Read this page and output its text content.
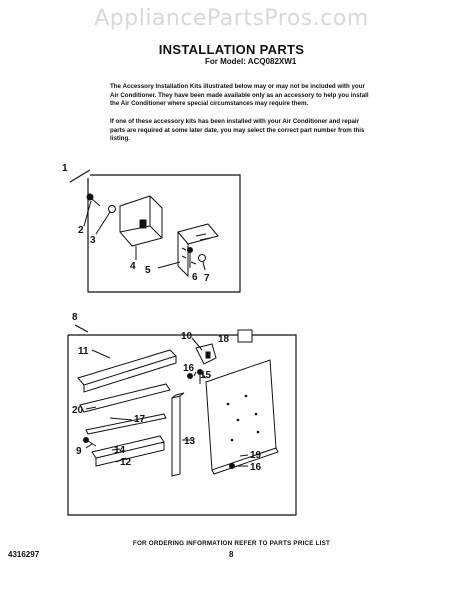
AppliancePartsPros.com
INSTALLATION PARTS
For Model: ACQ082XW1
The Accessory Installation Kits illustrated below may or may not be included with your Air Conditioner. They have been made available only as an accessory to help you install the Air Conditioner where special circumstances may require them.
If one of these accessory kits has been installed with your Air Conditioner and repair parts are required at some later date, you may select the correct part number from this listing.
1
2
3
4 5
6 7
8
9
10
11
12
13
14
15
16
16
17
18
19
20
FOR ORDERING INFORMATION REFER TO PARTS PRICE LIST
4316297	8
